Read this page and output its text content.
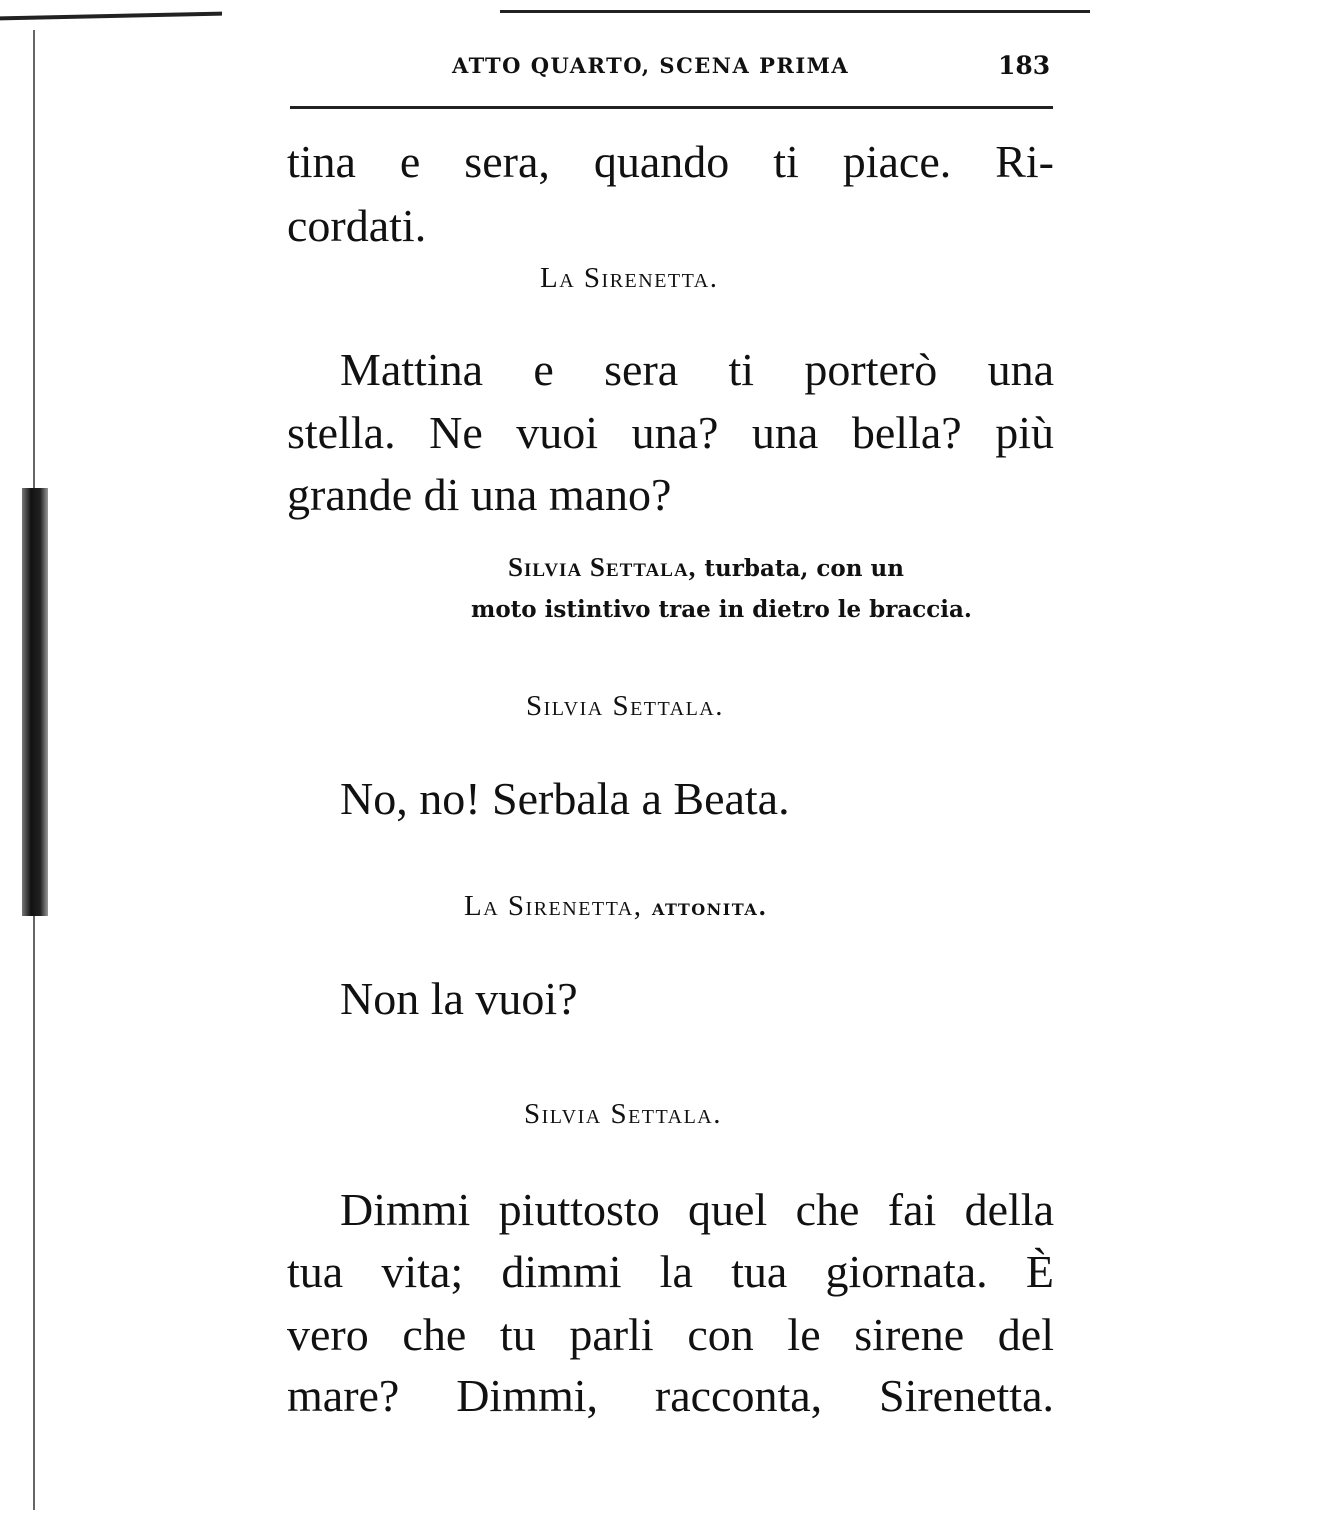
ATTO QUARTO, SCENA PRIMA	183
tina e sera, quando ti piace. Ri-
cordati.
La Sirenetta.
Mattina e sera ti porterò una
stella. Ne vuoi una? una bella? più
grande di una mano?
Silvia Settala, turbata, con un
moto istintivo trae in dietro le braccia.
Silvia Settala.
No, no! Serbala a Beata.
La Sirenetta, attonita.
Non la vuoi?
Silvia Settala.
Dimmi piuttosto quel che fai della
tua vita; dimmi la tua giornata. È
vero che tu parli con le sirene del
mare? Dimmi, racconta, Sirenetta.
